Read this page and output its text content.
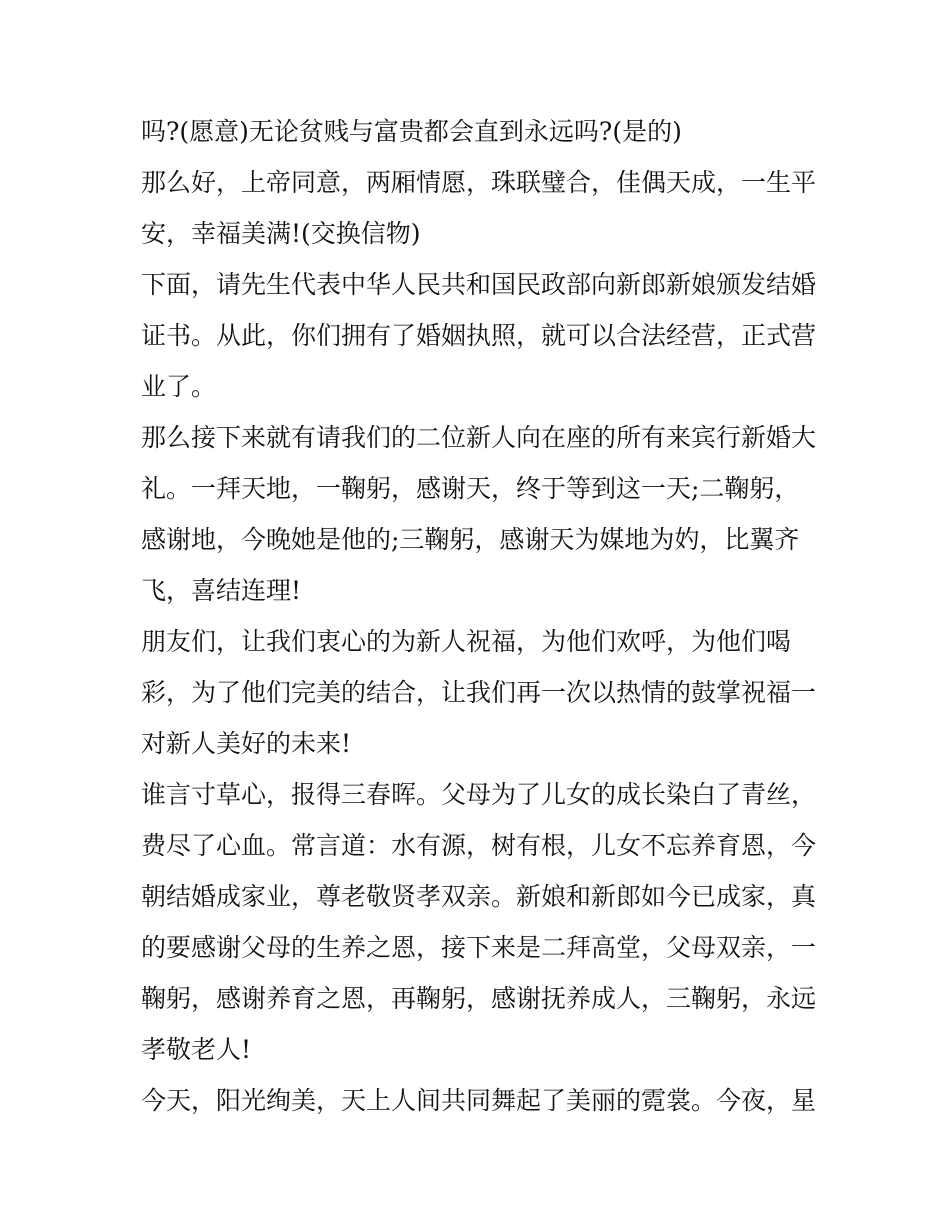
吗?(愿意)无论贫贱与富贵都会直到永远吗?(是的)
那么好，上帝同意，两厢情愿，珠联璧合，佳偶天成，一生平
安，幸福美满!(交换信物)
下面，请先生代表中华人民共和国民政部向新郎新娘颁发结婚
证书。从此，你们拥有了婚姻执照，就可以合法经营，正式营
业了。
那么接下来就有请我们的二位新人向在座的所有来宾行新婚大
礼。一拜天地，一鞠躬，感谢天，终于等到这一天;二鞠躬，
感谢地，今晚她是他的;三鞠躬，感谢天为媒地为妁，比翼齐
飞，喜结连理!
朋友们，让我们衷心的为新人祝福，为他们欢呼，为他们喝
彩，为了他们完美的结合，让我们再一次以热情的鼓掌祝福一
对新人美好的未来!
谁言寸草心，报得三春晖。父母为了儿女的成长染白了青丝，
费尽了心血。常言道：水有源，树有根，儿女不忘养育恩，今
朝结婚成家业，尊老敬贤孝双亲。新娘和新郎如今已成家，真
的要感谢父母的生养之恩，接下来是二拜高堂，父母双亲，一
鞠躬，感谢养育之恩，再鞠躬，感谢抚养成人，三鞠躬，永远
孝敬老人!
今天，阳光绚美，天上人间共同舞起了美丽的霓裳。今夜，星
